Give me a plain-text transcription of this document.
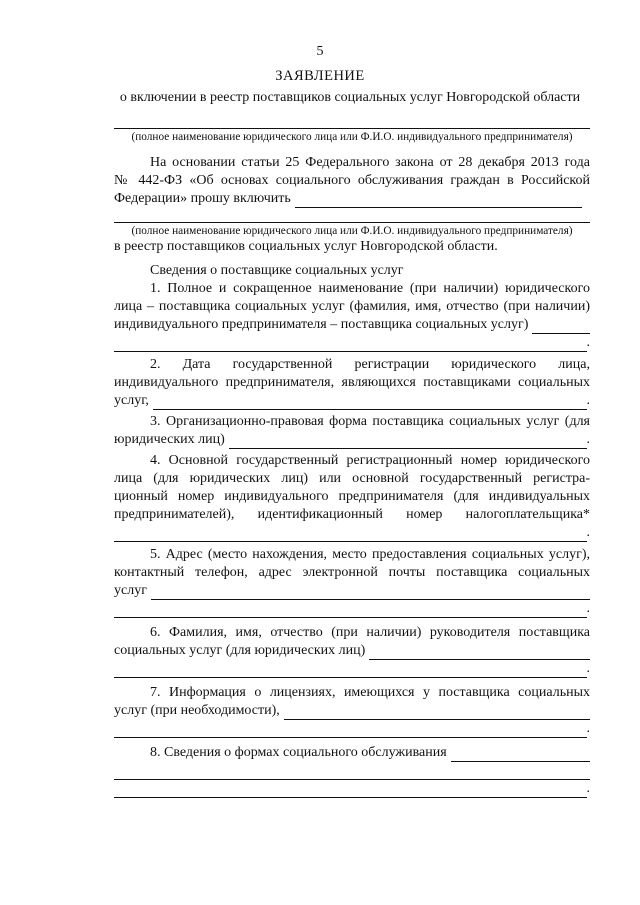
5
ЗАЯВЛЕНИЕ
о включении в реестр поставщиков социальных услуг Новгородской области
(полное наименование юридического лица или Ф.И.О. индивидуального предпринимателя)

На основании статьи 25 Федерального закона от 28 декабря 2013 года

№ 442-ФЗ «Об основах социального обслуживания граждан в Российской

Федерации» прошу включить
(полное наименование юридического лица или Ф.И.О. индивидуального предпринимателя)

в реестр поставщиков социальных услуг Новгородской области.

Сведения о поставщике социальных услуг

1. Полное и сокращенное наименование (при наличии) юридического

лица – поставщика социальных услуг (фамилия, имя, отчество (при наличии)

индивидуального предпринимателя – поставщика социальных услуг)
.

2. Дата государственной регистрации юридического лица,

индивидуального предпринимателя, являющихся поставщиками социальных

услуг,	.

3. Организационно-правовая форма поставщика социальных услуг (для

юридических лиц)	.

4. Основной государственный регистрационный номер юридического

лица (для юридических лиц) или основной государственный регистра-

ционный номер индивидуального предпринимателя (для индивидуальных

предпринимателей), идентификационный номер налогоплательщика*

.

5. Адрес (место нахождения, место предоставления социальных услуг),

контактный телефон, адрес электронной почты поставщика социальных

услуг
.

6. Фамилия, имя, отчество (при наличии) руководителя поставщика

социальных услуг (для юридических лиц)
.

7. Информация о лицензиях, имеющихся у поставщика социальных

услуг (при необходимости),
.
8. Сведения о формах социального обслуживания
.
